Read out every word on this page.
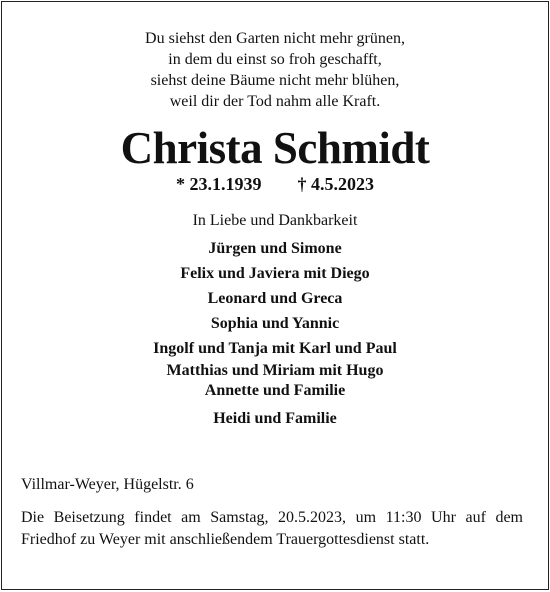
Du siehst den Garten nicht mehr grünen,
in dem du einst so froh geschafft,
siehst deine Bäume nicht mehr blühen,
weil dir der Tod nahm alle Kraft.
Christa Schmidt
* 23.1.1939 † 4.5.2023
In Liebe und Dankbarkeit
Jürgen und Simone
Felix und Javiera mit Diego
Leonard und Greca
Sophia und Yannic
Ingolf und Tanja mit Karl und Paul
Matthias und Miriam mit Hugo
Annette und Familie
Heidi und Familie
Villmar-Weyer, Hügelstr. 6
Die Beisetzung findet am Samstag, 20.5.2023, um 11:30 Uhr auf dem Friedhof zu Weyer mit anschließendem Trauergottesdienst statt.
